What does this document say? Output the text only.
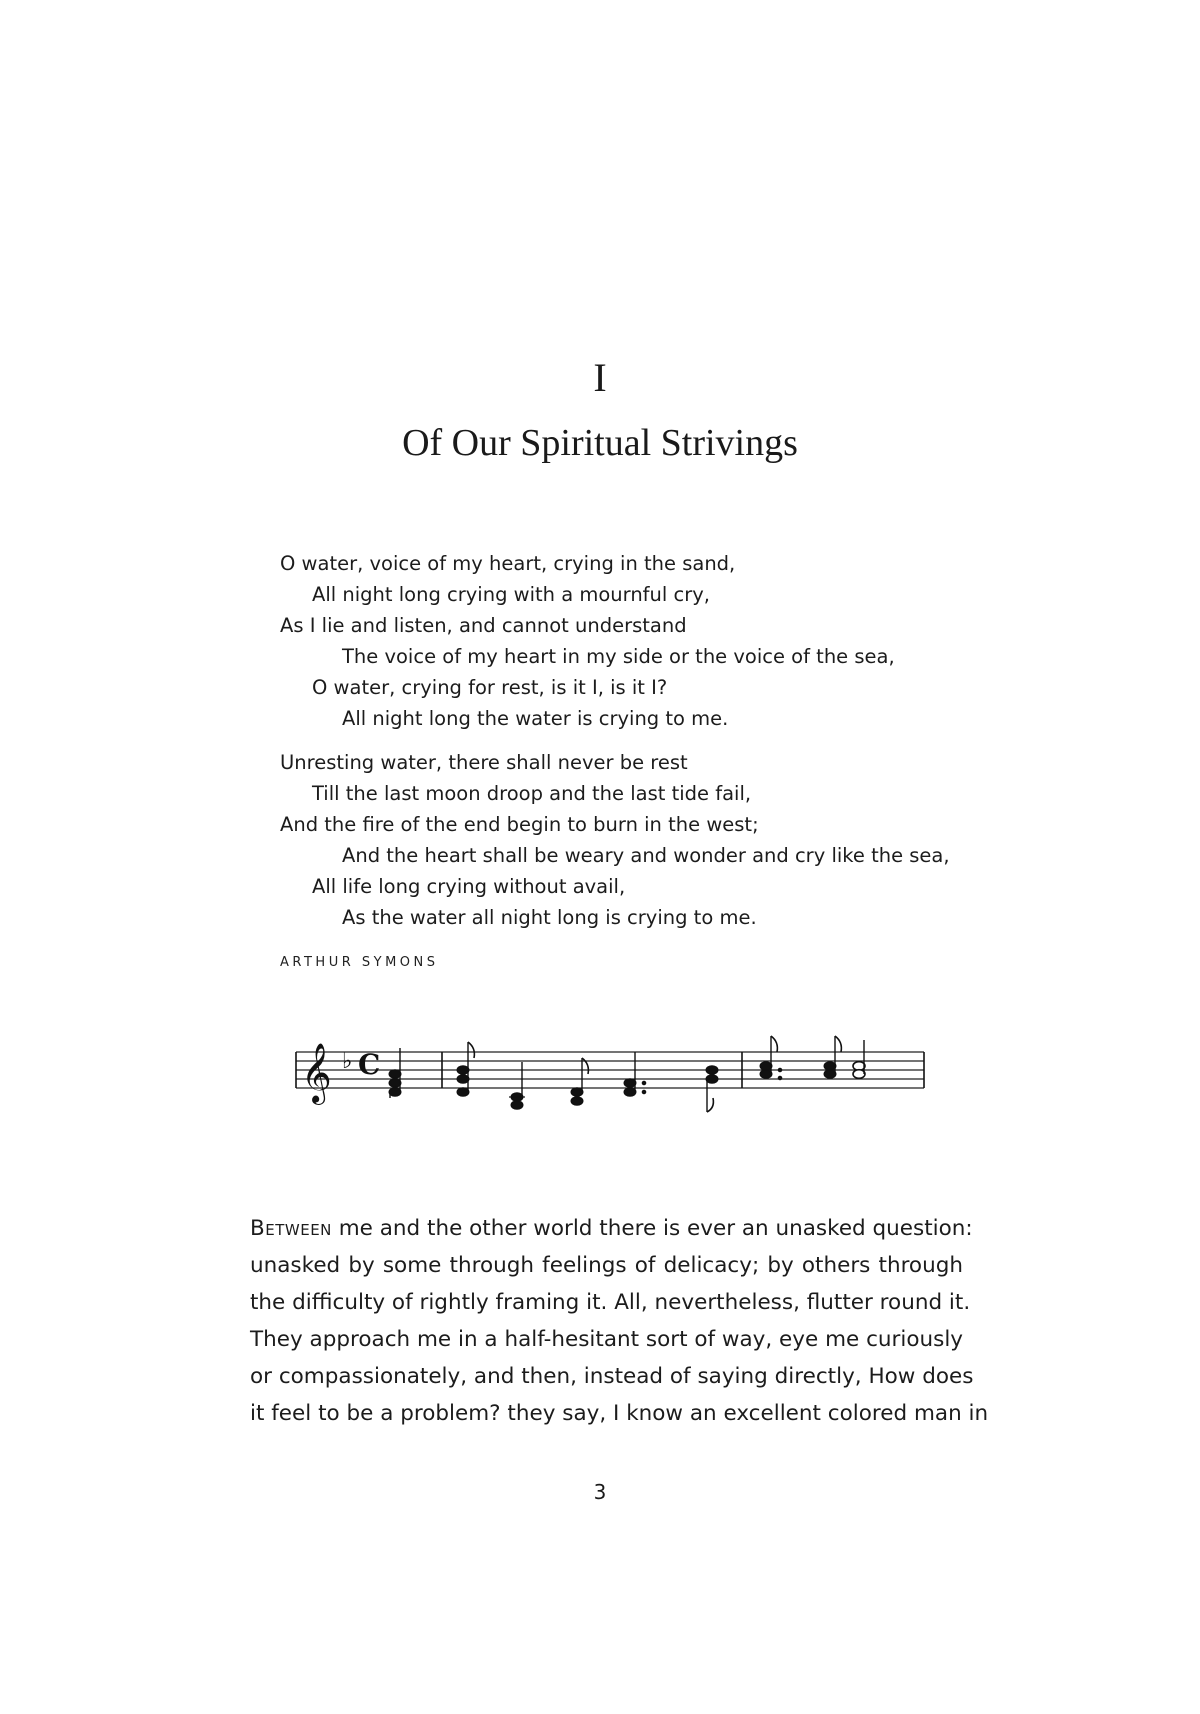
I
Of Our Spiritual Strivings
O water, voice of my heart, crying in the sand,
All night long crying with a mournful cry,
As I lie and listen, and cannot understand
The voice of my heart in my side or the voice of the sea,
O water, crying for rest, is it I, is it I?
All night long the water is crying to me.
Unresting water, there shall never be rest
Till the last moon droop and the last tide fail,
And the fire of the end begin to burn in the west;
And the heart shall be weary and wonder and cry like the sea,
All life long crying without avail,
As the water all night long is crying to me.
ARTHUR SYMONS
𝄞 ♭ C
Between me and the other world there is ever an unasked question:
unasked by some through feelings of delicacy; by others through
the difficulty of rightly framing it. All, nevertheless, flutter round it.
They approach me in a half-hesitant sort of way, eye me curiously
or compassionately, and then, instead of saying directly, How does
it feel to be a problem? they say, I know an excellent colored man in
3
